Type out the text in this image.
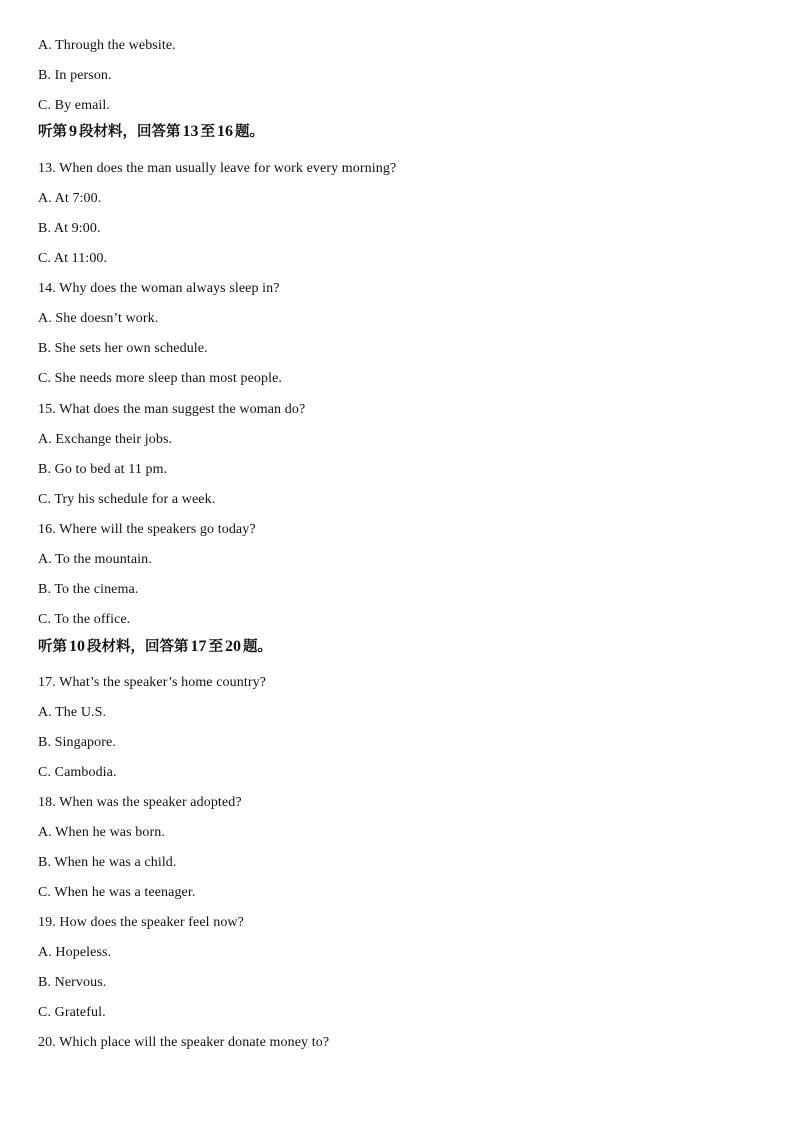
A. Through the website.
B. In person.
C. By email.
听第 9 段材料，回答第 13 至 16 题。
13. When does the man usually leave for work every morning?
A. At 7:00.
B. At 9:00.
C. At 11:00.
14. Why does the woman always sleep in?
A. She doesn’t work.
B. She sets her own schedule.
C. She needs more sleep than most people.
15. What does the man suggest the woman do?
A. Exchange their jobs.
B. Go to bed at 11 pm.
C. Try his schedule for a week.
16. Where will the speakers go today?
A. To the mountain.
B. To the cinema.
C. To the office.
听第 10 段材料，回答第 17 至 20 题。
17. What’s the speaker’s home country?
A. The U.S.
B. Singapore.
C. Cambodia.
18. When was the speaker adopted?
A. When he was born.
B. When he was a child.
C. When he was a teenager.
19. How does the speaker feel now?
A. Hopeless.
B. Nervous.
C. Grateful.
20. Which place will the speaker donate money to?
